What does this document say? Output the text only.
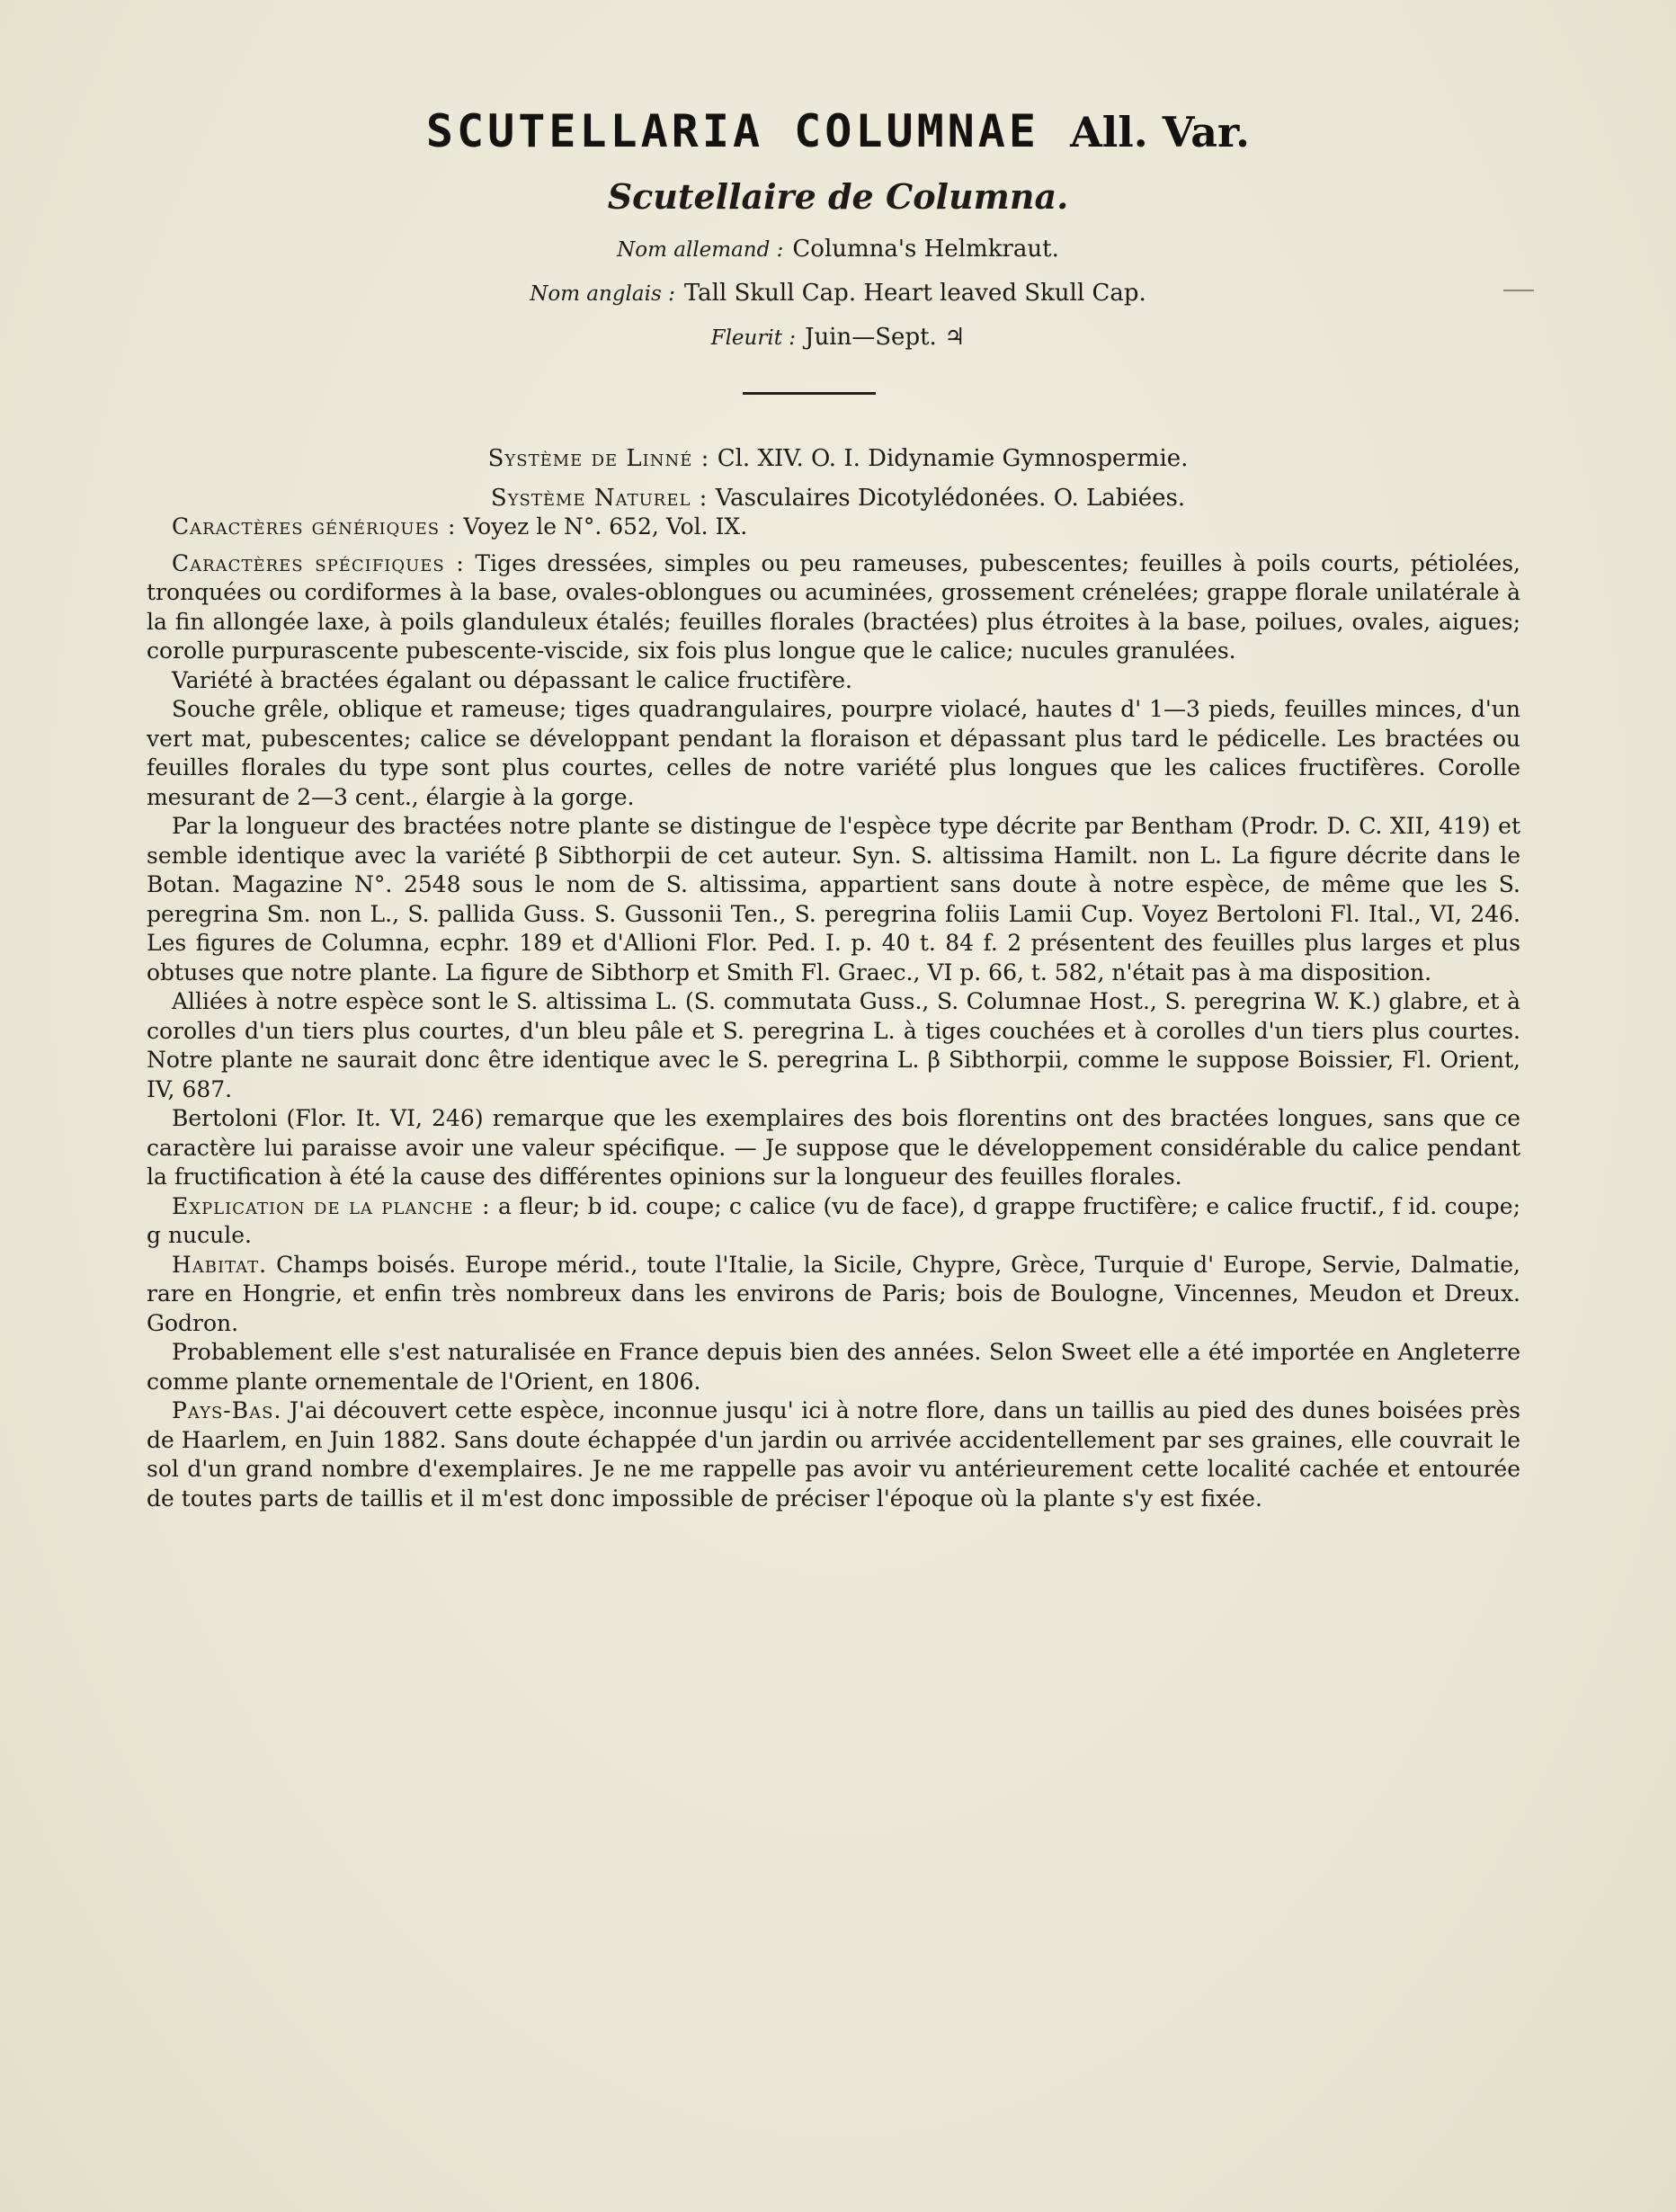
SCUTELLARIA COLUMNAE All. Var.
Scutellaire de Columna.

Nom allemand : Columna's Helmkraut.

Nom anglais : Tall Skull Cap. Heart leaved Skull Cap.

Fleurit : Juin—Sept. ♃

Système de Linné : Cl. XIV. O. I. Didynamie Gymnospermie.

Système Naturel : Vasculaires Dicotylédonées. O. Labiées.

Caractères génériques : Voyez le N°. 652, Vol. IX.

Caractères spécifiques : Tiges dressées, simples ou peu rameuses, pubescentes; feuilles à poils courts, pétiolées, tronquées ou cordiformes à la base, ovales-oblongues ou acuminées, grossement crénelées; grappe florale unilatérale à la fin allongée laxe, à poils glanduleux étalés; feuilles florales (bractées) plus étroites à la base, poilues, ovales, aigues; corolle purpurascente pubescente-viscide, six fois plus longue que le calice; nucules granulées.

Variété à bractées égalant ou dépassant le calice fructifère.

Souche grêle, oblique et rameuse; tiges quadrangulaires, pourpre violacé, hautes d' 1—3 pieds, feuilles minces, d'un vert mat, pubescentes; calice se développant pendant la floraison et dépassant plus tard le pédicelle. Les bractées ou feuilles florales du type sont plus courtes, celles de notre variété plus longues que les calices fructifères. Corolle mesurant de 2—3 cent., élargie à la gorge.

Par la longueur des bractées notre plante se distingue de l'espèce type décrite par Bentham (Prodr. D. C. XII, 419) et semble identique avec la variété β Sibthorpii de cet auteur. Syn. S. altissima Hamilt. non L. La figure décrite dans le Botan. Magazine N°. 2548 sous le nom de S. altissima, appartient sans doute à notre espèce, de même que les S. peregrina Sm. non L., S. pallida Guss. S. Gussonii Ten., S. peregrina foliis Lamii Cup. Voyez Bertoloni Fl. Ital., VI, 246. Les figures de Columna, ecphr. 189 et d'Allioni Flor. Ped. I. p. 40 t. 84 f. 2 présentent des feuilles plus larges et plus obtuses que notre plante. La figure de Sibthorp et Smith Fl. Graec., VI p. 66, t. 582, n'était pas à ma disposition.

Alliées à notre espèce sont le S. altissima L. (S. commutata Guss., S. Columnae Host., S. peregrina W. K.) glabre, et à corolles d'un tiers plus courtes, d'un bleu pâle et S. peregrina L. à tiges couchées et à corolles d'un tiers plus courtes. Notre plante ne saurait donc être identique avec le S. peregrina L. β Sibthorpii, comme le suppose Boissier, Fl. Orient, IV, 687.

Bertoloni (Flor. It. VI, 246) remarque que les exemplaires des bois florentins ont des bractées longues, sans que ce caractère lui paraisse avoir une valeur spécifique. — Je suppose que le développement considérable du calice pendant la fructification à été la cause des différentes opinions sur la longueur des feuilles florales.

Explication de la planche : a fleur; b id. coupe; c calice (vu de face), d grappe fructifère; e calice fructif., f id. coupe; g nucule.

Habitat. Champs boisés. Europe mérid., toute l'Italie, la Sicile, Chypre, Grèce, Turquie d' Europe, Servie, Dalmatie, rare en Hongrie, et enfin très nombreux dans les environs de Paris; bois de Boulogne, Vincennes, Meudon et Dreux. Godron.

Probablement elle s'est naturalisée en France depuis bien des années. Selon Sweet elle a été importée en Angleterre comme plante ornementale de l'Orient, en 1806.

Pays-Bas. J'ai découvert cette espèce, inconnue jusqu' ici à notre flore, dans un taillis au pied des dunes boisées près de Haarlem, en Juin 1882. Sans doute échappée d'un jardin ou arrivée accidentellement par ses graines, elle couvrait le sol d'un grand nombre d'exemplaires. Je ne me rappelle pas avoir vu antérieurement cette localité cachée et entourée de toutes parts de taillis et il m'est donc impossible de préciser l'époque où la plante s'y est fixée.
